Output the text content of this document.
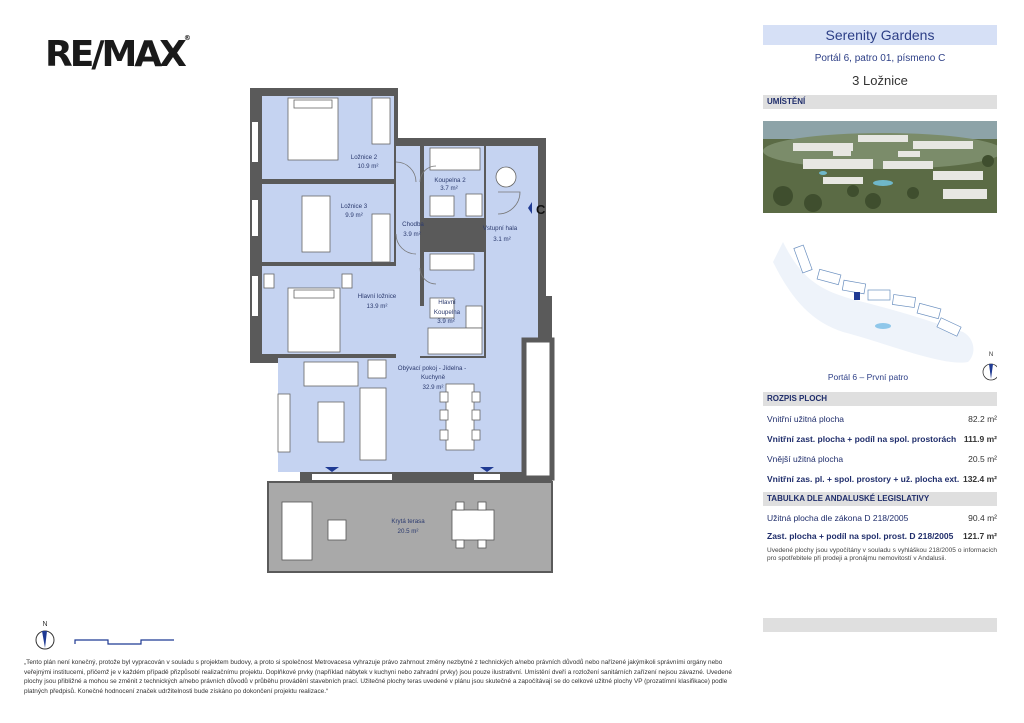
RE/MAX®
Ložnice 2
10.9 m²
Koupelna 2
3.7 m²
Ložnice 3
9.9 m²
Chodba
3.9 m²
Vstupní hala
3.1 m²
Hlavní ložnice
13.9 m²
Hlavní
Koupelna
3.9 m²
Obývací pokoj - Jídelna -
Kuchyně
32.9 m²
Krytá terasa
20.5 m²
C
N
Serenity Gardens
Portál 6, patro 01, písmeno C
3 Ložnice
UMÍSTĚNÍ
Portál 6 – První patro
N
ROZPIS PLOCH
Vnitřní užitná plocha	82.2 m²
Vnitřní zast. plocha + podíl na spol. prostorách 111.9 m²
Vnější užitná plocha	20.5 m²
Vnitřní zas. pl. + spol. prostory + už. plocha ext. 132.4 m²
TABULKA DLE ANDALUSKÉ LEGISLATIVY
Užitná plocha dle zákona D 218/2005	90.4 m²
Zast. plocha + podíl na spol. prost. D 218/2005 121.7 m²
Uvedené plochy jsou vypočítány v souladu s vyhláškou 218/2005 o informacích pro spotřebitele při prodeji a pronájmu nemovitostí v Andalusii.
„Tento plán není konečný, protože byl vypracován v souladu s projektem budovy, a proto si společnost Metrovacesa vyhrazuje právo zahrnout změny nezbytné z technických a/nebo právních důvodů nebo nařízené jakýmikoli správními orgány nebo veřejnými institucemi, přičemž je v každém případě přizpůsobí realizačnímu projektu. Doplňkové prvky (například nábytek v kuchyni nebo zahradní prvky) jsou pouze ilustrativní. Umístění dveří a rozložení sanitárních zařízení nejsou závazné. Uvedené plochy jsou přibližné a mohou se změnit z technických a/nebo právních důvodů v průběhu provádění stavebních prací. Užitečné plochy teras uvedené v plánu jsou skutečné a započítávají se do celkové užitné plochy VP (prozatímní klasifikace) podle platných předpisů. Konečné hodnocení značek udržitelnosti bude získáno po dokončení projektu realizace.“
